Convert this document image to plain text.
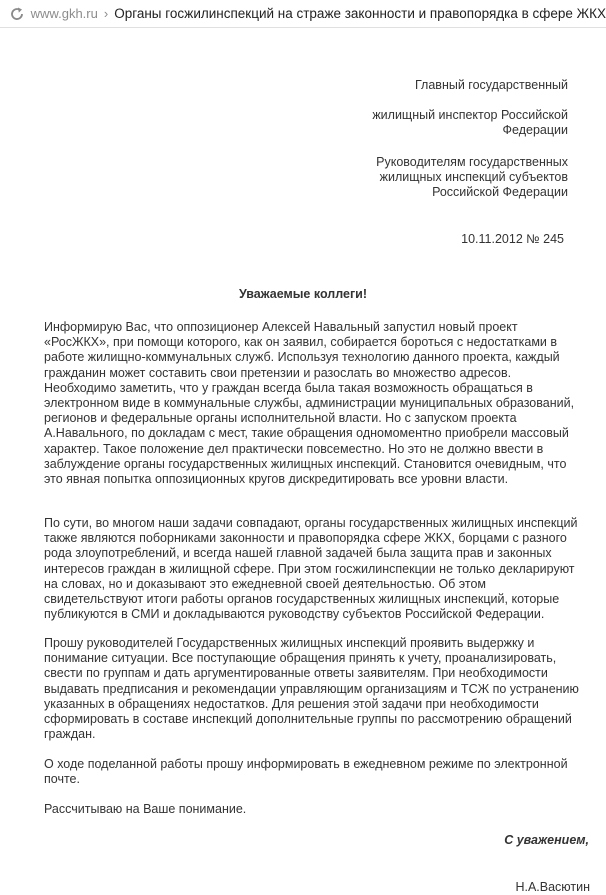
www.gkh.ru › Органы госжилинспекций на страже законности и правопорядка в сфере ЖКХ

Главный государственный

жилищный инспектор Российской

Федерации

Руководителям государственных

жилищных инспекций субъектов

Российской Федерации

10.11.2012 № 245
Уважаемые коллеги!

Информирую Вас, что оппозиционер Алексей Навальный запустил новый проект «РосЖКХ», при помощи которого, как он заявил, собирается бороться с недостатками в работе жилищно-коммунальных служб. Используя технологию данного проекта, каждый гражданин может составить свои претензии и разослать во множество адресов. Необходимо заметить, что у граждан всегда была такая возможность обращаться в электронном виде в коммунальные службы, администрации муниципальных образований, регионов и федеральные органы исполнительной власти. Но с запуском проекта А.Навального, по докладам с мест, такие обращения одномоментно приобрели массовый характер. Такое положение дел практически повсеместно. Но это не должно ввести в заблуждение органы государственных жилищных инспекций. Становится очевидным, что это явная попытка оппозиционных кругов дискредитировать все уровни власти.

По сути, во многом наши задачи совпадают, органы государственных жилищных инспекций также являются поборниками законности и правопорядка сфере ЖКХ, борцами с разного рода злоупотреблений, и всегда нашей главной задачей была защита прав и законных интересов граждан в жилищной сфере. При этом госжилинспекции не только декларируют на словах, но и доказывают это ежедневной своей деятельностью. Об этом свидетельствуют итоги работы органов государственных жилищных инспекций, которые публикуются в СМИ и докладываются руководству субъектов Российской Федерации.

Прошу руководителей Государственных жилищных инспекций проявить выдержку и понимание ситуации. Все поступающие обращения принять к учету, проанализировать, свести по группам и дать аргументированные ответы заявителям. При необходимости выдавать предписания и рекомендации управляющим организациям и ТСЖ по устранению указанных в обращениях недостатков. Для решения этой задачи при необходимости сформировать в составе инспекций дополнительные группы по рассмотрению обращений граждан.

О ходе поделанной работы прошу информировать в ежедневном режиме по электронной почте.

Рассчитываю на Ваше понимание.

С уважением,
Н.А.Васютин
